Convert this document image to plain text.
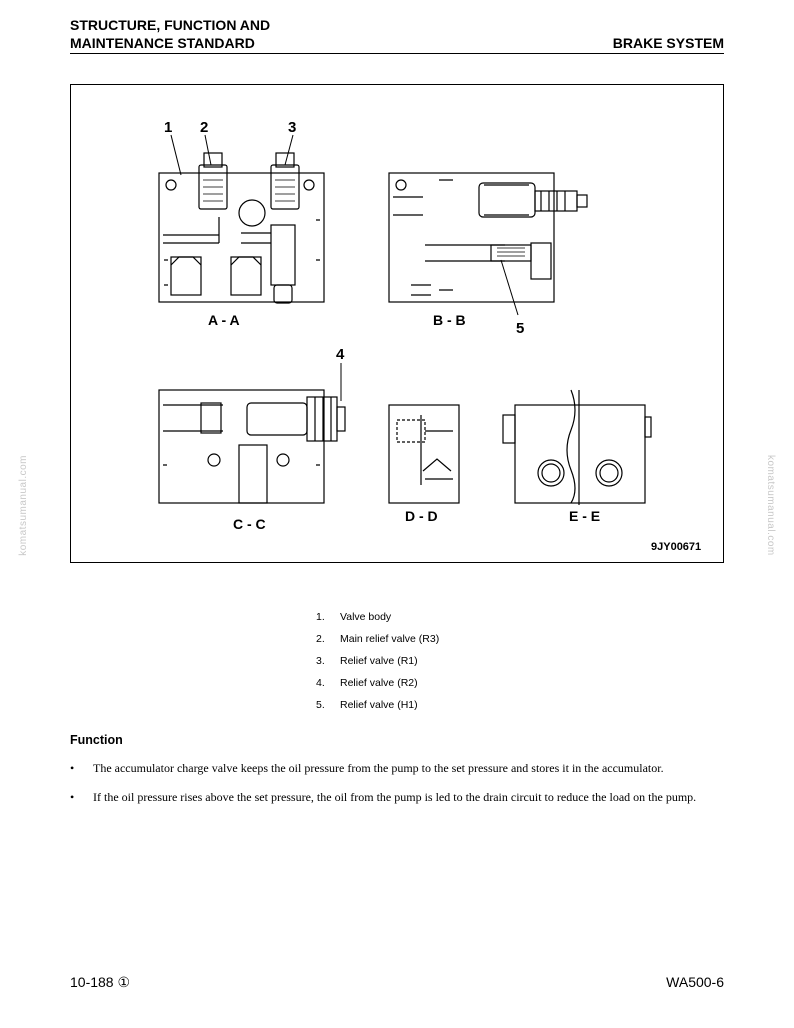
STRUCTURE, FUNCTION AND
MAINTENANCE STANDARD	BRAKE SYSTEM
A - A	B - B
C - C	D - D	E - E
1 2	3
4
5
9JY00671
1. Valve body
2. Main relief valve (R3)
3. Relief valve (R1)
4. Relief valve (R2)
5. Relief valve (H1)
Function
• The accumulator charge valve keeps the oil pressure from the pump to the set pressure and stores it in the accumulator.
• If the oil pressure rises above the set pressure, the oil from the pump is led to the drain circuit to reduce the load on the pump.
10-188 ①	WA500-6
komatsumanual.com	komatsumanual.com
